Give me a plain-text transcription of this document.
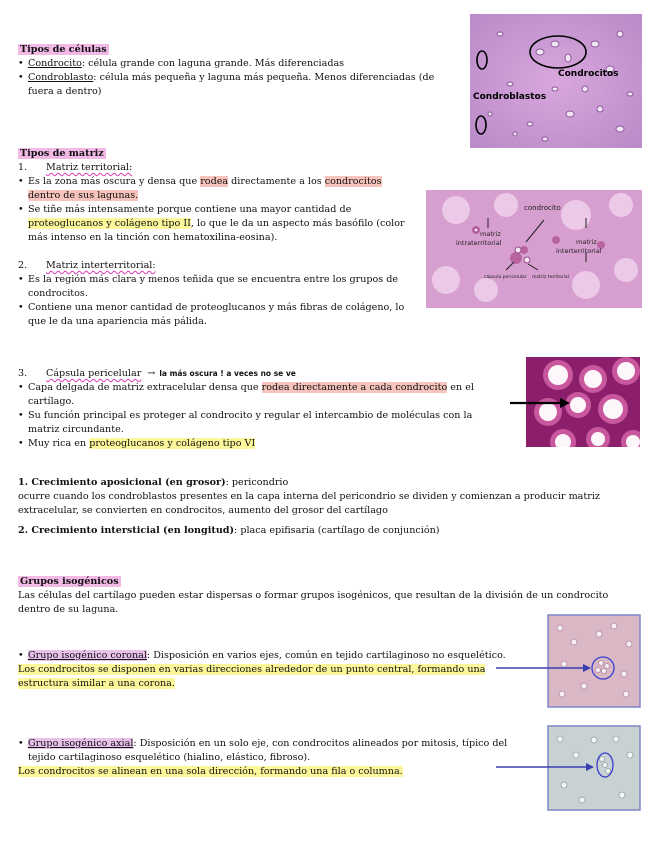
Tipos de células
• Condrocito: célula grande con laguna grande. Más diferenciadas
• Condroblasto: célula más pequeña y laguna más pequeña. Menos diferenciadas (de
fuera a dentro)
Condrocitos
Condroblastos
Tipos de matriz
1. Matriz territorial:
• Es la zona más oscura y densa que rodea directamente a los condrocitos
dentro de sus lagunas.
• Se tiñe más intensamente porque contiene una mayor cantidad de
proteoglucanos y colágeno tipo II, lo que le da un aspecto más basófilo (color
más intenso en la tinción con hematoxilina-eosina).
2. Matriz interterritorial:
• Es la región más clara y menos teñida que se encuentra entre los grupos de
condrocitos.
• Contiene una menor cantidad de proteoglucanos y más fibras de colágeno, lo
que le da una apariencia más pálida.
condrocito
matriz
intraterritorial	matriz
interterritorial
cápsula pericelular matriz territorial
3. Cápsula pericelular → la más oscura ! a veces no se ve
• Capa delgada de matriz extracelular densa que rodea directamente a cada condrocito en el
cartílago.
• Su función principal es proteger al condrocito y regular el intercambio de moléculas con la
matriz circundante.
• Muy rica en proteoglucanos y colágeno tipo VI
1. Crecimiento aposicional (en grosor): pericondrio
ocurre cuando los condroblastos presentes en la capa interna del pericondrio se dividen y comienzan a producir matriz
extracelular, se convierten en condrocitos, aumento del grosor del cartílago
2. Crecimiento intersticial (en longitud): placa epifisaria (cartílago de conjunción)
Grupos isogénicos
Las células del cartílago pueden estar dispersas o formar grupos isogénicos, que resultan de la división de un condrocito
dentro de su laguna.
• Grupo isogénico coronal: Disposición en varios ejes, común en tejido cartilaginoso no esquelético.
Los condrocitos se disponen en varias direcciones alrededor de un punto central, formando una
estructura similar a una corona.
• Grupo isogénico axial: Disposición en un solo eje, con condrocitos alineados por mitosis, típico del
tejido cartilaginoso esquelético (hialino, elástico, fibroso).
Los condrocitos se alinean en una sola dirección, formando una fila o columna.
